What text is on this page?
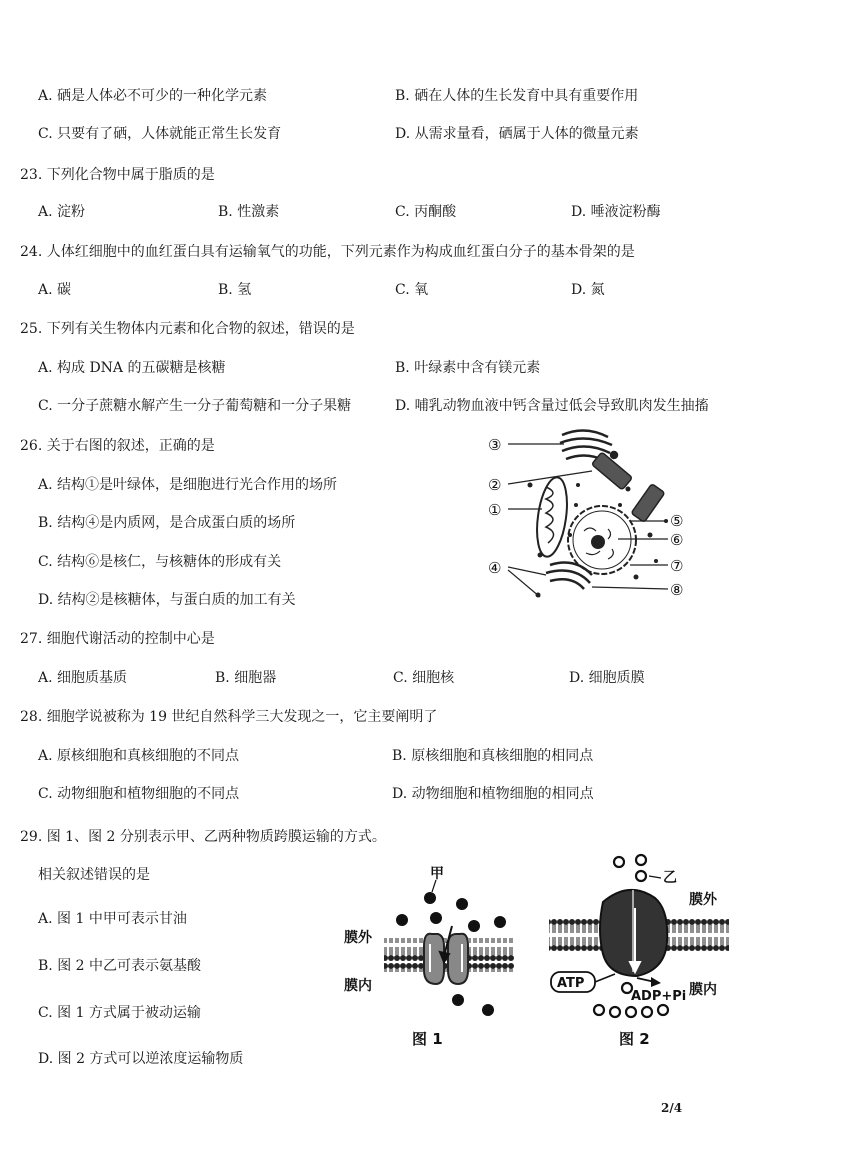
A. 硒是人体必不可少的一种化学元素	B. 硒在人体的生长发育中具有重要作用
C. 只要有了硒，人体就能正常生长发育	D. 从需求量看，硒属于人体的微量元素
23. 下列化合物中属于脂质的是
A. 淀粉	B. 性激素	C. 丙酮酸	D. 唾液淀粉酶
24. 人体红细胞中的血红蛋白具有运输氧气的功能，下列元素作为构成血红蛋白分子的基本骨架的是
A. 碳	B. 氢	C. 氧	D. 氮
25. 下列有关生物体内元素和化合物的叙述，错误的是
A. 构成 DNA 的五碳糖是核糖	B. 叶绿素中含有镁元素
C. 一分子蔗糖水解产生一分子葡萄糖和一分子果糖	D. 哺乳动物血液中钙含量过低会导致肌肉发生抽搐
26. 关于右图的叙述，正确的是
A. 结构①是叶绿体，是细胞进行光合作用的场所
B. 结构④是内质网，是合成蛋白质的场所
C. 结构⑥是核仁，与核糖体的形成有关
D. 结构②是核糖体，与蛋白质的加工有关
③
②
①
④
⑤
⑥
⑦
⑧
27. 细胞代谢活动的控制中心是
A. 细胞质基质	B. 细胞器	C. 细胞核	D. 细胞质膜
28. 细胞学说被称为 19 世纪自然科学三大发现之一，它主要阐明了
A. 原核细胞和真核细胞的不同点	B. 原核细胞和真核细胞的相同点
C. 动物细胞和植物细胞的不同点	D. 动物细胞和植物细胞的相同点
29. 图 1、图 2 分别表示甲、乙两种物质跨膜运输的方式。
相关叙述错误的是
A. 图 1 中甲可表示甘油
B. 图 2 中乙可表示氨基酸
C. 图 1 方式属于被动运输
D. 图 2 方式可以逆浓度运输物质
甲
膜外
膜内
图 1
乙
膜外
ATP
ADP+Pi 膜内
图 2
2/4
